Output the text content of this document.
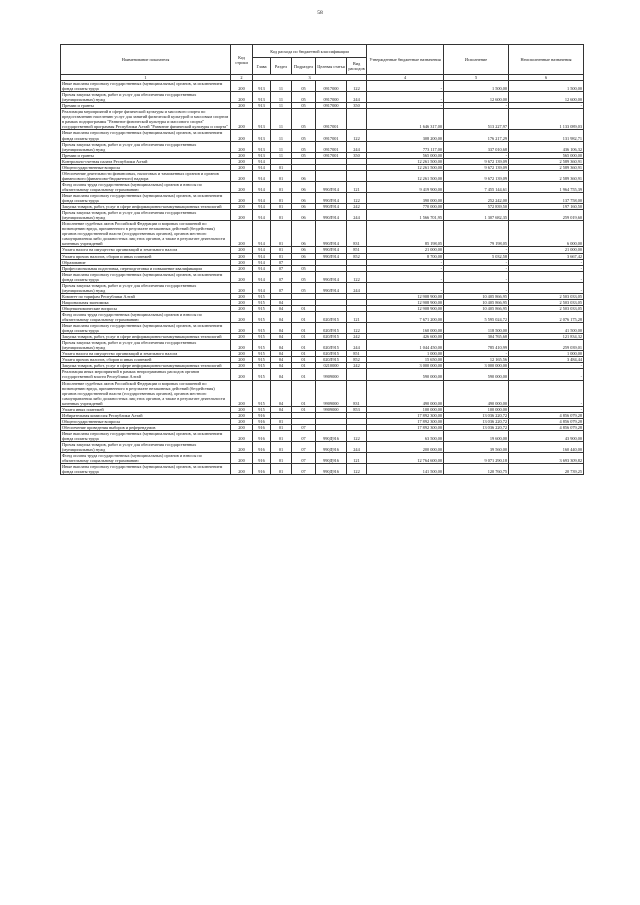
58
Наименование показателя	Код строки	Код расхода по бюджетной классификации					Утвержденные бюджетные назначения	Исполнение	Неисполненные назначения
		Глава	Раздел	Подраздел	Целевая статья	Вид расходов			
1	2	3					4	5	6
Иные выплаты персоналу государственных (муниципальных) органов, за исключением фонда оплаты труда	200	913	11	05	0917000	122	-	1 500,00	1 500,00
Прочая закупка товаров, работ и услуг для обеспечения государственных (муниципальных) нужд	200	913	11	05	0917000	244	-	12 600,00	12 600,00
Премии и гранты	200	913	11	05	0917000	350	-	-	-
Реализация мероприятий в сфере физической культуры и массового спорта по предоставлению населению услуг для занятий физической культурой и массовым спортом в рамках подпрограммы "Развитие физической культуры и массового спорта" государственной программы Республики Алтай "Развитие физической культуры и спорта"	200	913	11	05	0917001		1 646 317,00	513 227,97	1 133 089,03
Иные выплаты персоналу государственных (муниципальных) органов, за исключением фонда оплаты труда	200	913	11	05	0917001	122	308 200,00	176 217,29	131 982,71
Прочая закупка товаров, работ и услуг для обеспечения государственных (муниципальных) нужд	200	913	11	05	0917001	244	773 117,00	337 010,68	436 106,32
Премии и гранты	200	913	11	05	0917001	350	565 000,00	-	565 000,00
Контрольно-счетная палата Республики Алтай	200	914					12 261 500,00	9 672 139,09	2 589 360,91
Общегосударственные вопросы	200	914	01				12 261 500,00	9 672 139,09	2 589 360,91
Обеспечение деятельности финансовых, налоговых и таможенных органов и органов финансового (финансово-бюджетного) надзора	200	914	01	06			12 261 500,00	9 672 139,09	2 589 360,91
Фонд оплаты труда государственных (муниципальных) органов и взносы по обязательному социальному страхованию	200	914	01	06	990Л914	121	9 419 900,00	7 455 144,61	1 964 755,39
Иные выплаты персоналу государственных (муниципальных) органов, за исключением фонда оплаты труда	200	914	01	06	990Л914	122	390 000,00	252 242,00	137 758,00
Закупка товаров, работ, услуг в сфере информационно-коммуникационных технологий	200	914	01	06	990Л914	242	770 000,00	572 839,50	197 160,50
Прочая закупка товаров, работ и услуг для обеспечения государственных (муниципальных) нужд	200	914	01	06	990Л914	244	1 566 701,95	1 307 682,35	259 019,60
Исполнение судебных актов Российской Федерации и мировых соглашений по возмещению вреда, причиненного в результате незаконных действий (бездействия) органов государственной власти (государственных органов), органов местного самоуправления либо должностных лиц этих органов, а также в результате деятельности казенных учреждений	200	914	01	06	990Л914	831	85 198,05	79 198,05	6 000,00
Уплата налога на имущество организаций и земельного налога	200	914	01	06	990Л914	851	21 000,00	-	21 000,00
Уплата прочих налогов, сборов и иных платежей	200	914	01	06	990Л914	852	8 700,00	5 032,58	3 667,42
Образование	200	914	07				-	-	-
Профессиональная подготовка, переподготовка и повышение квалификации	200	914	07	05			-	-	-
Иные выплаты персоналу государственных (муниципальных) органов, за исключением фонда оплаты труда	200	914	07	05	990Л914	122	-	-	-
Прочая закупка товаров, работ и услуг для обеспечения государственных (муниципальных) нужд	200	914	07	05	990Л914	244	-	-	-
Комитет по тарифам Республики Алтай	200	915					12 908 900,00	10 405 866,95	2 503 033,05
Национальная экономика	200	915	04				12 908 900,00	10 405 866,95	2 503 033,05
Общеэкономические вопросы	200	915	04	01			12 908 900,00	10 405 866,95	2 503 033,05
Фонд оплаты труда государственных (муниципальных) органов и взносы по обязательному социальному страхованию	200	915	04	01	020Л915	121	7 671 200,00	5 595 024,72	2 076 175,28
Иные выплаты персоналу государственных (муниципальных) органов, за исключением фонда оплаты труда	200	915	04	01	020Л915	122	160 000,00	118 500,00	41 500,00
Закупка товаров, работ, услуг в сфере информационно-коммуникационных технологий	200	915	04	01	020Л915	242	426 600,00	304 765,68	121 834,32
Прочая закупка товаров, работ и услуг для обеспечения государственных (муниципальных) нужд	200	915	04	01	020Л915	244	1 044 450,00	785 410,99	259 039,01
Уплата налога на имущество организаций и земельного налога	200	915	04	01	020Л915	851	1 000,00	-	1 000,00
Уплата прочих налогов, сборов и иных платежей	200	915	04	01	020Л915	852	15 650,00	12 165,56	3 484,44
Закупка товаров, работ, услуг в сфере информационно-коммуникационных технологий	200	915	04	01	0210000	242	3 000 000,00	3 000 000,00	-
Реализация иных мероприятий в рамках непрограммных расходов органов государственной власти Республики Алтай	200	915	04	01	9909000		590 000,00	590 000,00	-
Исполнение судебных актов Российской Федерации и мировых соглашений по возмещению вреда, причиненного в результате незаконных действий (бездействия) органов государственной власти (государственных органов), органов местного самоуправления либо должностных лиц этих органов, а также в результате деятельности казенных учреждений	200	915	04	01	9909000	831	490 000,00	490 000,00	-
Уплата иных платежей	200	915	04	01	9909000	853	100 000,00	100 000,00	-
Избирательная комиссия Республики Алтай	200	916					17 892 300,00	13 036 220,72	4 856 079,28
Общегосударственные вопросы	200	916	01				17 892 300,00	13 036 220,72	4 856 079,28
Обеспечение проведения выборов и референдумов	200	916	01	07			17 892 300,00	13 036 220,72	4 856 079,28
Иные выплаты персоналу государственных (муниципальных) органов, за исключением фонда оплаты труда	200	916	01	07	990Д916	122	63 500,00	19 600,00	43 900,00
Прочая закупка товаров, работ и услуг для обеспечения государственных (муниципальных) нужд	200	916	01	07	990Д916	244	200 000,00	39 560,00	160 440,00
Фонд оплаты труда государственных (муниципальных) органов и взносы по обязательному социальному страхованию	200	916	01	07	990Д916	121	12 764 600,00	9 071 290,18	3 693 309,82
Иные выплаты персоналу государственных (муниципальных) органов, за исключением фонда оплаты труда	200	916	01	07	990Д916	122	141 500,00	120 760,75	20 739,25
